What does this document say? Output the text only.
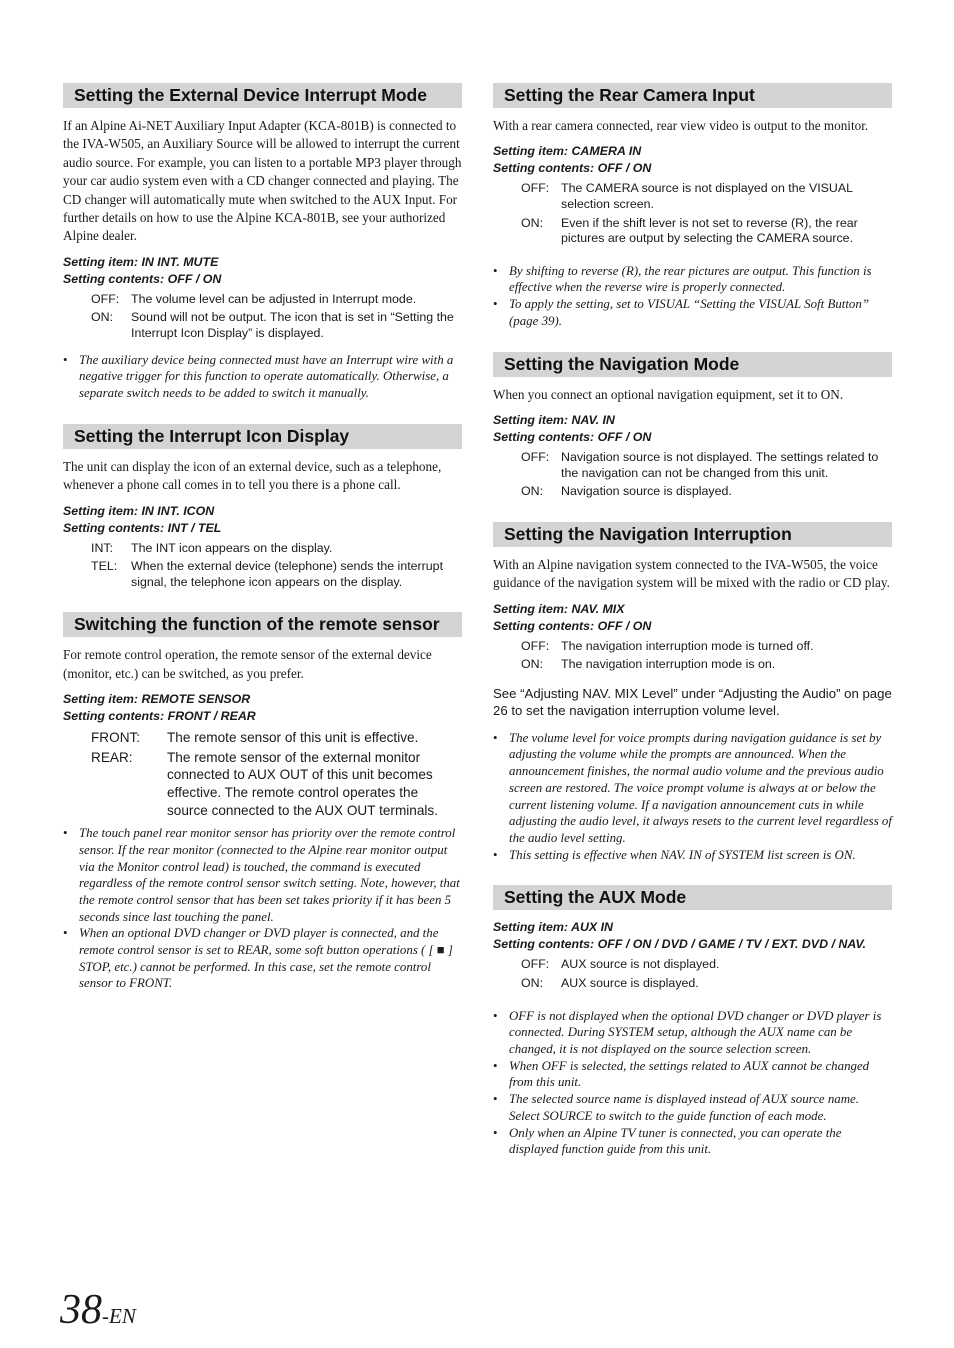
Setting the External Device Interrupt Mode

If an Alpine Ai-NET Auxiliary Input Adapter (KCA-801B) is connected to the IVA-W505, an Auxiliary Source will be allowed to interrupt the current audio source. For example, you can listen to a portable MP3 player through your car audio system even with a CD changer connected and playing. The CD changer will automatically mute when switched to the AUX Input. For further details on how to use the Alpine KCA-801B, see your authorized Alpine dealer.

Setting item: IN INT. MUTE
Setting contents: OFF / ON
OFF: The volume level can be adjusted in Interrupt mode.
ON:	Sound will not be output. The icon that is set in “Setting the Interrupt Icon Display” is displayed.
• The auxiliary device being connected must have an Interrupt wire with a negative trigger for this function to operate automatically. Otherwise, a separate switch needs to be added to switch it manually.
Setting the Interrupt Icon Display

The unit can display the icon of an external device, such as a telephone, whenever a phone call comes in to tell you there is a phone call.

Setting item: IN INT. ICON
Setting contents: INT / TEL
INT:	The INT icon appears on the display.
TEL:	When the external device (telephone) sends the interrupt signal, the telephone icon appears on the display.
Switching the function of the remote sensor

For remote control operation, the remote sensor of the external device (monitor, etc.) can be switched, as you prefer.

Setting item: REMOTE SENSOR
Setting contents: FRONT / REAR
FRONT:	The remote sensor of this unit is effective.
REAR:	The remote sensor of the external monitor connected to AUX OUT of this unit becomes effective. The remote control operates the source connected to the AUX OUT terminals.
• The touch panel rear monitor sensor has priority over the remote control sensor. If the rear monitor (connected to the Alpine rear monitor output via the Monitor control lead) is touched, the command is executed regardless of the remote control sensor switch setting. Note, however, that the remote control sensor that has been set takes priority if it has been 5 seconds since last touching the panel.
• When an optional DVD changer or DVD player is connected, and the remote control sensor is set to REAR, some soft button operations ( [ ■ ] STOP, etc.) cannot be performed. In this case, set the remote control sensor to FRONT.
Setting the Rear Camera Input

With a rear camera connected, rear view video is output to the monitor.

Setting item: CAMERA IN
Setting contents: OFF / ON
OFF: The CAMERA source is not displayed on the VISUAL selection screen.
ON:	Even if the shift lever is not set to reverse (R), the rear pictures are output by selecting the CAMERA source.
• By shifting to reverse (R), the rear pictures are output. This function is effective when the reverse wire is properly connected.
• To apply the setting, set to VISUAL “Setting the VISUAL Soft Button” (page 39).
Setting the Navigation Mode

When you connect an optional navigation equipment, set it to ON.

Setting item: NAV. IN
Setting contents: OFF / ON
OFF: Navigation source is not displayed. The settings related to the navigation can not be changed from this unit.
ON:	Navigation source is displayed.
Setting the Navigation Interruption

With an Alpine navigation system connected to the IVA-W505, the voice guidance of the navigation system will be mixed with the radio or CD play.

Setting item: NAV. MIX
Setting contents: OFF / ON
OFF: The navigation interruption mode is turned off.
ON:	The navigation interruption mode is on.

See “Adjusting NAV. MIX Level” under “Adjusting the Audio” on page 26 to set the navigation interruption volume level.

• The volume level for voice prompts during navigation guidance is set by adjusting the volume while the prompts are announced. When the announcement finishes, the normal audio volume and the previous audio screen are restored. The voice prompt volume is always at or below the current listening volume. If a navigation announcement cuts in while adjusting the audio level, it always resets to the current level regardless of the audio level setting.
• This setting is effective when NAV. IN of SYSTEM list screen is ON.
Setting the AUX Mode
Setting item: AUX IN
Setting contents: OFF / ON / DVD / GAME / TV / EXT. DVD / NAV.
OFF: AUX source is not displayed.
ON:	AUX source is displayed.
• OFF is not displayed when the optional DVD changer or DVD player is connected. During SYSTEM setup, although the AUX name can be changed, it is not displayed on the source selection screen.
• When OFF is selected, the settings related to AUX cannot be changed from this unit.
• The selected source name is displayed instead of AUX source name. Select SOURCE to switch to the guide function of each mode.
• Only when an Alpine TV tuner is connected, you can operate the displayed function guide from this unit.
38-EN
